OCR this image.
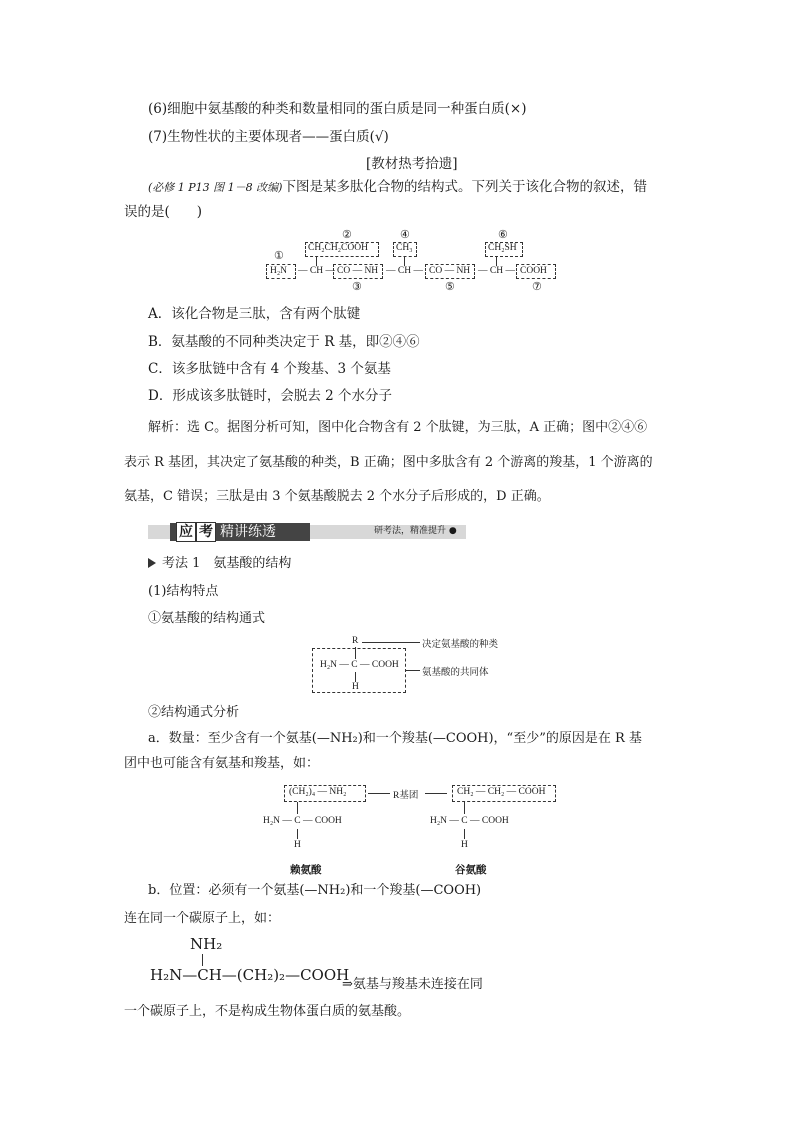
(6)细胞中氨基酸的种类和数量相同的蛋白质是同一种蛋白质(×)
(7)生物性状的主要体现者——蛋白质(√)
[教材热考拾遗]
(必修 1 P13 图 1－8 改编)下图是某多肽化合物的结构式。下列关于该化合物的叙述，错
误的是(　　)
②	④	⑥
CH₂CH₂COOH	CH₃	CH₂SH
①
H₂N — CH — CO — NH — CH — CO — NH — CH — COOH
③	⑤	⑦
A．该化合物是三肽，含有两个肽键
B．氨基酸的不同种类决定于 R 基，即②④⑥
C．该多肽链中含有 4 个羧基、3 个氨基
D．形成该多肽链时，会脱去 2 个水分子
解析：选 C。据图分析可知，图中化合物含有 2 个肽键，为三肽，A 正确；图中②④⑥
表示 R 基团，其决定了氨基酸的种类，B 正确；图中多肽含有 2 个游离的羧基，1 个游离的
氨基，C 错误；三肽是由 3 个氨基酸脱去 2 个水分子后形成的，D 正确。
应 考 精讲练透	研考法，精准提升 ●
考法 1　氨基酸的结构
(1)结构特点
①氨基酸的结构通式
R	决定氨基酸的种类
H₂N — C — COOH
H
氨基酸的共同体
②结构通式分析
a．数量：至少含有一个氨基(—NH₂)和一个羧基(—COOH)，“至少”的原因是在 R 基
团中也可能含有氨基和羧基，如：
(CH₂)₄ — NH₂	R基团	CH₂ — CH₂ — COOH
H₂N — C — COOH	H₂N — C — COOH
H	H
赖氨酸	谷氨酸
b．位置：必须有一个氨基(—NH₂)和一个羧基(—COOH)
连在同一个碳原子上，如：
NH₂
H₂N—CH—(CH₂)₂—COOH
⇒氨基与羧基未连接在同
一个碳原子上，不是构成生物体蛋白质的氨基酸。
